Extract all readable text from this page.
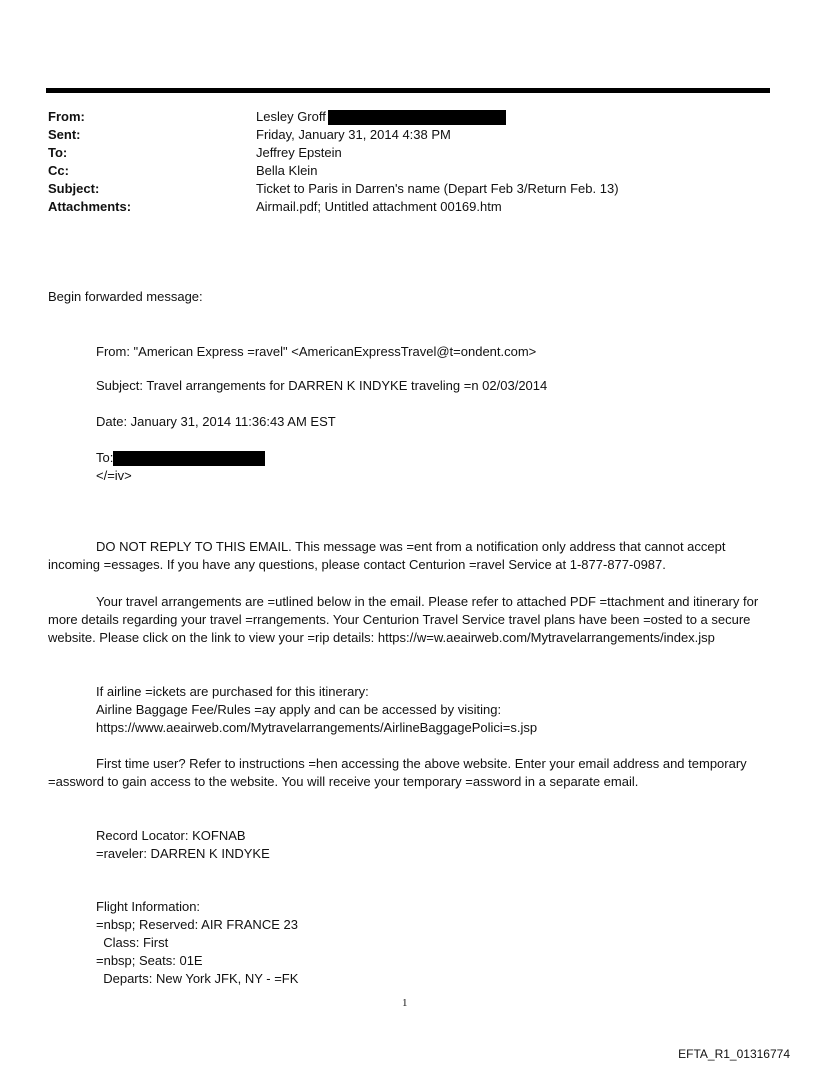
From:	Lesley Groff
Sent:	Friday, January 31, 2014 4:38 PM
To:	Jeffrey Epstein
Cc:	Bella Klein
Subject:	Ticket to Paris in Darren's name (Depart Feb 3/Return Feb. 13)
Attachments:	Airmail.pdf; Untitled attachment 00169.htm
Begin forwarded message:
From: "American Express =ravel" <AmericanExpressTravel@t=ondent.com>
Subject: Travel arrangements for DARREN K INDYKE traveling =n 02/03/2014
Date: January 31, 2014 11:36:43 AM EST
To:
</=iv>
DO NOT REPLY TO THIS EMAIL. This message was =ent from a notification only address that cannot accept incoming =essages. If you have any questions, please contact Centurion =ravel Service at 1-877-877-0987.
Your travel arrangements are =utlined below in the email. Please refer to attached PDF =ttachment and itinerary for more details regarding your travel =rrangements. Your Centurion Travel Service travel plans have been =osted to a secure website. Please click on the link to view your =rip details: https://w=w.aeairweb.com/Mytravelarrangements/index.jsp
If airline =ickets are purchased for this itinerary:
Airline Baggage Fee/Rules =ay apply and can be accessed by visiting:
https://www.aeairweb.com/Mytravelarrangements/AirlineBaggagePolici=s.jsp
First time user? Refer to instructions =hen accessing the above website. Enter your email address and temporary =assword to gain access to the website. You will receive your temporary =assword in a separate email.
Record Locator: KOFNAB
=raveler: DARREN K INDYKE
Flight Information:
=nbsp; Reserved: AIR FRANCE 23
Class: First
=nbsp; Seats: 01E
Departs: New York JFK, NY - =FK
1
EFTA_R1_01316774
